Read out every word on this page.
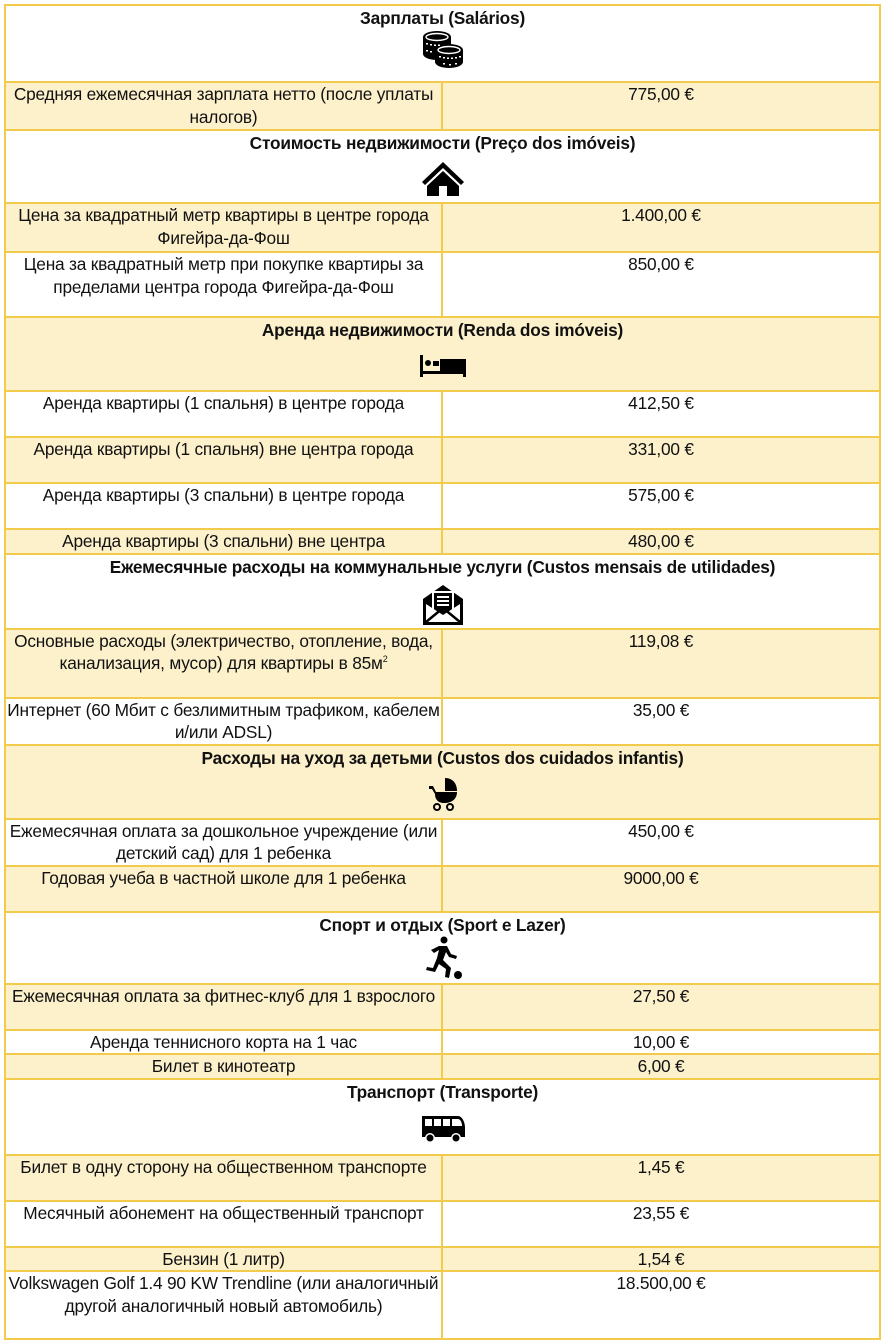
Зарплаты (Salários)	

Средняя ежемесячная зарплата нетто (после уплаты налогов)	775,00 €

Стоимость недвижимости (Preço dos imóveis)	

Цена за квадратный метр квартиры в центре города Фигейра-да-Фош	1.400,00 €
Цена за квадратный метр при покупке квартиры за пределами центра города Фигейра-да-Фош	850,00 €

Аренда недвижимости (Renda dos imóveis)	

Аренда квартиры (1 спальня) в центре города	412,50 €
Аренда квартиры (1 спальня) вне центра города	331,00 €
Аренда квартиры (3 спальни) в центре города	575,00 €
Аренда квартиры (3 спальни) вне центра	480,00 €

Ежемесячные расходы на коммунальные услуги (Custos mensais de utilidades)	

Основные расходы (электричество, отопление, вода, канализация, мусор) для квартиры в $85м^2$	119,08 €
Интернет (60 Мбит с безлимитным трафиком, кабелем и/или ADSL)	35,00 €

Расходы на уход за детьми (Custos dos cuidados infantis)	

Ежемесячная оплата за дошкольное учреждение (или детский сад) для 1 ребенка	450,00 €
Годовая учеба в частной школе для 1 ребенка	9000,00 €

Спорт и отдых (Sport e Lazer)	

Ежемесячная оплата за фитнес-клуб для 1 взрослого	27,50 €
Аренда теннисного корта на 1 час	10,00 €
Билет в кинотеатр	6,00 €

Транспорт (Transporte)	

Билет в одну сторону на общественном транспорте	1,45 €
Месячный абонемент на общественный транспорт	23,55 €
Бензин (1 литр)	1,54 €
Volkswagen Golf 1.4 90 KW Trendline (или аналогичный другой аналогичный новый автомобиль)	18.500,00 €
